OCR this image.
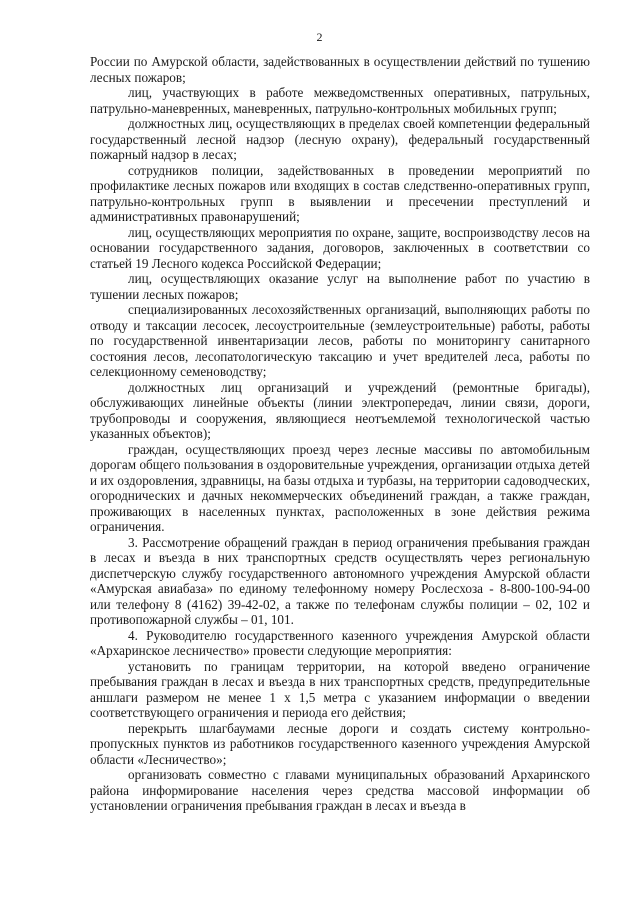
2

России по Амурской области, задействованных в осуществлении действий по тушению лесных пожаров;

лиц, участвующих в работе межведомственных оперативных, патрульных, патрульно-маневренных, маневренных, патрульно-контрольных мобильных групп;

должностных лиц, осуществляющих в пределах своей компетенции федеральный государственный лесной надзор (лесную охрану), федеральный государственный пожарный надзор в лесах;

сотрудников полиции, задействованных в проведении мероприятий по профилактике лесных пожаров или входящих в состав следственно-оперативных групп, патрульно-контрольных групп в выявлении и пресечении преступлений и административных правонарушений;

лиц, осуществляющих мероприятия по охране, защите, воспроизводству лесов на основании государственного задания, договоров, заключенных в соответствии со статьей 19 Лесного кодекса Российской Федерации;

лиц, осуществляющих оказание услуг на выполнение работ по участию в тушении лесных пожаров;

специализированных лесохозяйственных организаций, выполняющих работы по отводу и таксации лесосек, лесоустроительные (землеустроительные) работы, работы по государственной инвентаризации лесов, работы по мониторингу санитарного состояния лесов, лесопатологическую таксацию и учет вредителей леса, работы по селекционному семеноводству;

должностных лиц организаций и учреждений (ремонтные бригады), обслуживающих линейные объекты (линии электропередач, линии связи, дороги, трубопроводы и сооружения, являющиеся неотъемлемой технологической частью указанных объектов);

граждан, осуществляющих проезд через лесные массивы по автомобильным дорогам общего пользования в оздоровительные учреждения, организации отдыха детей и их оздоровления, здравницы, на базы отдыха и турбазы, на территории садоводческих, огороднических и дачных некоммерческих объединений граждан, а также граждан, проживающих в населенных пунктах, расположенных в зоне действия режима ограничения.

3. Рассмотрение обращений граждан в период ограничения пребывания граждан в лесах и въезда в них транспортных средств осуществлять через региональную диспетчерскую службу государственного автономного учреждения Амурской области «Амурская авиабаза» по единому телефонному номеру Рослесхоза - 8-800-100-94-00 или телефону 8 (4162) 39-42-02, а также по телефонам службы полиции – 02, 102 и противопожарной службы – 01, 101.

4. Руководителю государственного казенного учреждения Амурской области «Архаринское лесничество» провести следующие мероприятия:

установить по границам территории, на которой введено ограничение пребывания граждан в лесах и въезда в них транспортных средств, предупредительные аншлаги размером не менее 1 х 1,5 метра с указанием информации о введении соответствующего ограничения и периода его действия;

перекрыть шлагбаумами лесные дороги и создать систему контрольно-пропускных пунктов из работников государственного казенного учреждения Амурской области «Лесничество»;

организовать совместно с главами муниципальных образований Архаринского района информирование населения через средства массовой информации об установлении ограничения пребывания граждан в лесах и въезда в
